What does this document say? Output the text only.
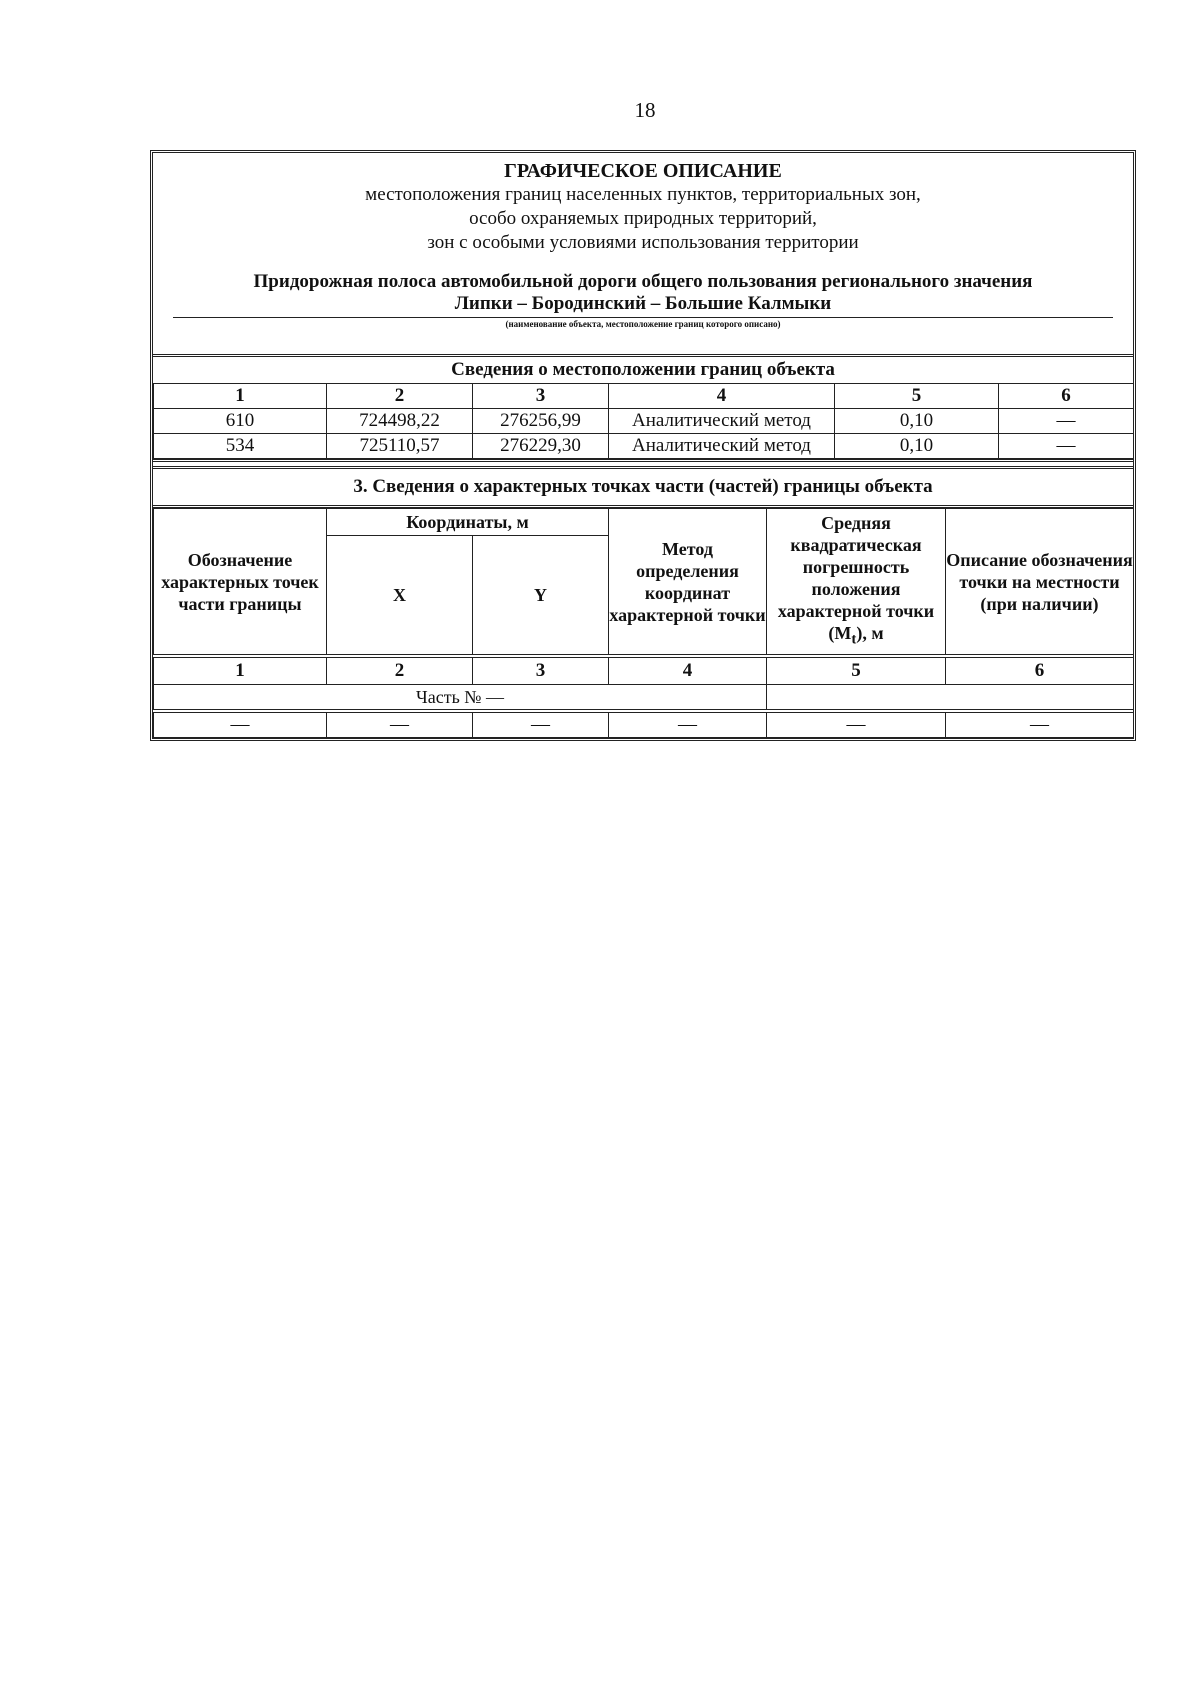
18
ГРАФИЧЕСКОЕ ОПИСАНИЕ
местоположения границ населенных пунктов, территориальных зон,
особо охраняемых природных территорий,
зон с особыми условиями использования территории
Придорожная полоса автомобильной дороги общего пользования регионального значения
Липки – Бородинский – Большие Калмыки
(наименование объекта, местоположение границ которого описано)
Сведения о местоположении границ объекта
1	2	3	4	5	6
610	724498,22	276256,99	Аналитический метод	0,10	—
534	725110,57	276229,30	Аналитический метод	0,10	—
3. Сведения о характерных точках части (частей) границы объекта
Обозначение характерных точек части границы	Координаты, м		Метод определения координат характерной точки	Средняя квадратическая погрешность положения характерной точки $(M_t)$, м	Описание обозначения точки на местности (при наличии)
	X	Y			

1	2	3	4	5	6
Часть № —					

—	—	—	—	—	—
